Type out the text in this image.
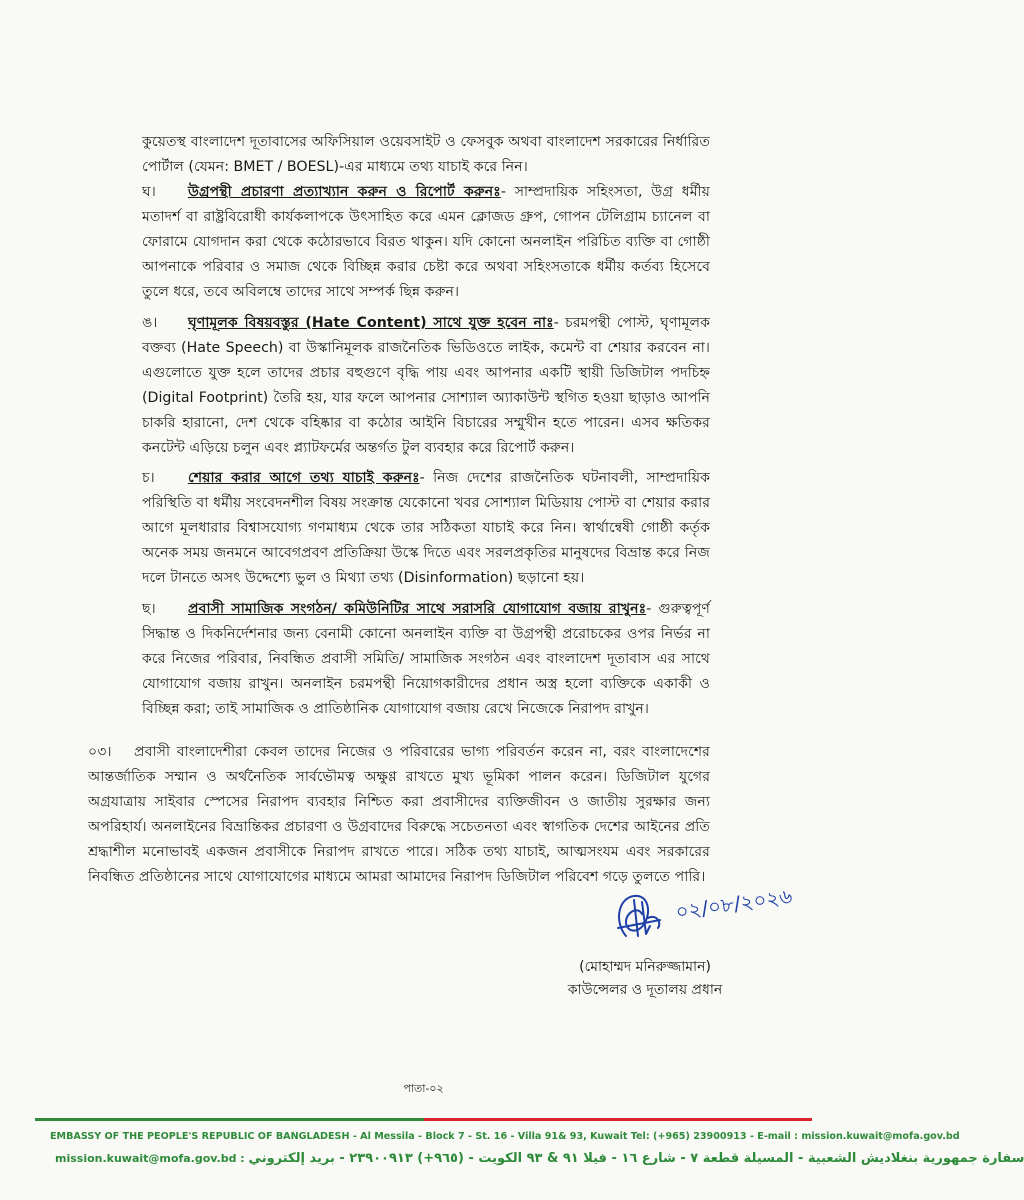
কুয়েতস্থ বাংলাদেশ দূতাবাসের অফিসিয়াল ওয়েবসাইট ও ফেসবুক অথবা বাংলাদেশ সরকারের নির্ধারিত পোর্টাল (যেমন: BMET / BOESL)-এর মাধ্যমে তথ্য যাচাই করে নিন।
ঘ।	উগ্রপন্থী প্রচারণা প্রত্যাখ্যান করুন ও রিপোর্ট করুনঃ- সাম্প্রদায়িক সহিংসতা, উগ্র ধর্মীয় মতাদর্শ বা রাষ্ট্রবিরোধী কার্যকলাপকে উৎসাহিত করে এমন ক্লোজড গ্রুপ, গোপন টেলিগ্রাম চ্যানেল বা ফোরামে যোগদান করা থেকে কঠোরভাবে বিরত থাকুন। যদি কোনো অনলাইন পরিচিত ব্যক্তি বা গোষ্ঠী আপনাকে পরিবার ও সমাজ থেকে বিচ্ছিন্ন করার চেষ্টা করে অথবা সহিংসতাকে ধর্মীয় কর্তব্য হিসেবে তুলে ধরে, তবে অবিলম্বে তাদের সাথে সম্পর্ক ছিন্ন করুন।
ঙ।	ঘৃণামূলক বিষয়বস্তুর (Hate Content) সাথে যুক্ত হবেন নাঃ- চরমপন্থী পোস্ট, ঘৃণামূলক বক্তব্য (Hate Speech) বা উস্কানিমূলক রাজনৈতিক ভিডিওতে লাইক, কমেন্ট বা শেয়ার করবেন না। এগুলোতে যুক্ত হলে তাদের প্রচার বহুগুণে বৃদ্ধি পায় এবং আপনার একটি স্থায়ী ডিজিটাল পদচিহ্ন (Digital Footprint) তৈরি হয়, যার ফলে আপনার সোশ্যাল অ্যাকাউন্ট স্থগিত হওয়া ছাড়াও আপনি চাকরি হারানো, দেশ থেকে বহিষ্কার বা কঠোর আইনি বিচারের সম্মুখীন হতে পারেন। এসব ক্ষতিকর কনটেন্ট এড়িয়ে চলুন এবং প্ল্যাটফর্মের অন্তর্গত টুল ব্যবহার করে রিপোর্ট করুন।
চ।	শেয়ার করার আগে তথ্য যাচাই করুনঃ- নিজ দেশের রাজনৈতিক ঘটনাবলী, সাম্প্রদায়িক পরিস্থিতি বা ধর্মীয় সংবেদনশীল বিষয় সংক্রান্ত যেকোনো খবর সোশ্যাল মিডিয়ায় পোস্ট বা শেয়ার করার আগে মূলধারার বিশ্বাসযোগ্য গণমাধ্যম থেকে তার সঠিকতা যাচাই করে নিন। স্বার্থান্বেষী গোষ্ঠী কর্তৃক অনেক সময় জনমনে আবেগপ্রবণ প্রতিক্রিয়া উস্কে দিতে এবং সরলপ্রকৃতির মানুষদের বিভ্রান্ত করে নিজ দলে টানতে অসৎ উদ্দেশ্যে ভুল ও মিথ্যা তথ্য (Disinformation) ছড়ানো হয়।
ছ।	প্রবাসী সামাজিক সংগঠন/ কমিউনিটির সাথে সরাসরি যোগাযোগ বজায় রাখুনঃ- গুরুত্বপূর্ণ সিদ্ধান্ত ও দিকনির্দেশনার জন্য বেনামী কোনো অনলাইন ব্যক্তি বা উগ্রপন্থী প্ররোচকের ওপর নির্ভর না করে নিজের পরিবার, নিবন্ধিত প্রবাসী সমিতি/ সামাজিক সংগঠন এবং বাংলাদেশ দূতাবাস এর সাথে যোগাযোগ বজায় রাখুন। অনলাইন চরমপন্থী নিয়োগকারীদের প্রধান অস্ত্র হলো ব্যক্তিকে একাকী ও বিচ্ছিন্ন করা; তাই সামাজিক ও প্রাতিষ্ঠানিক যোগাযোগ বজায় রেখে নিজেকে নিরাপদ রাখুন।
০৩।	প্রবাসী বাংলাদেশীরা কেবল তাদের নিজের ও পরিবারের ভাগ্য পরিবর্তন করেন না, বরং বাংলাদেশের আন্তর্জাতিক সম্মান ও অর্থনৈতিক সার্বভৌমত্ব অক্ষুণ্ণ রাখতে মুখ্য ভূমিকা পালন করেন। ডিজিটাল যুগের অগ্রযাত্রায় সাইবার স্পেসের নিরাপদ ব্যবহার নিশ্চিত করা প্রবাসীদের ব্যক্তিজীবন ও জাতীয় সুরক্ষার জন্য অপরিহার্য। অনলাইনের বিভ্রান্তিকর প্রচারণা ও উগ্রবাদের বিরুদ্ধে সচেতনতা এবং স্বাগতিক দেশের আইনের প্রতি শ্রদ্ধাশীল মনোভাবই একজন প্রবাসীকে নিরাপদ রাখতে পারে। সঠিক তথ্য যাচাই, আত্মসংযম এবং সরকারের নিবন্ধিত প্রতিষ্ঠানের সাথে যোগাযোগের মাধ্যমে আমরা আমাদের নিরাপদ ডিজিটাল পরিবেশ গড়ে তুলতে পারি।
০২/০৮/২০২৬
(মোহাম্মদ মনিরুজ্জামান)
কাউন্সেলর ও দূতালয় প্রধান
পাতা-০২
EMBASSY OF THE PEOPLE'S REPUBLIC OF BANGLADESH - Al Messila - Block 7 - St. 16 - Villa 91& 93, Kuwait Tel: (+965) 23900913 - E-mail : mission.kuwait@mofa.gov.bd
mission.kuwait@mofa.gov.bd : سفارة جمهورية بنغلاديش الشعبية - المسيلة قطعة ٧ - شارع ١٦ - فيلا ٩١ & ٩٣ الكويت - (٩٦٥+) ٢٣٩٠٠٩١٣ - بريد إلكتروني
